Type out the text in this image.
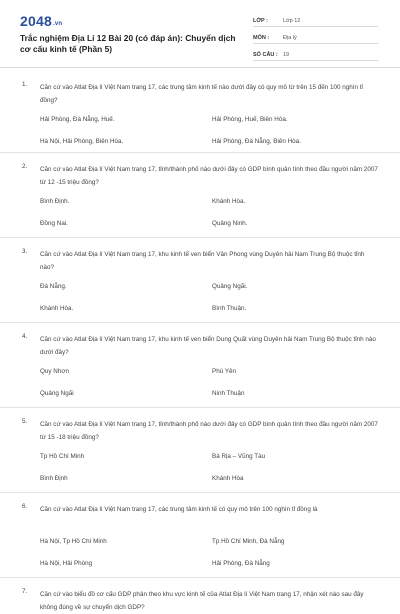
2048.vn
Trắc nghiệm Địa Lí 12 Bài 20 (có đáp án): Chuyển dịch cơ cấu kinh tế (Phần 5)
LỚP :	Lớp 12
MÔN :	Địa lý
SỐ CÂU : 19
1. Căn cứ vào Atlat Địa lí Việt Nam trang 17, các trung tâm kinh tế nào dưới đây có quy mô từ trên 15 đến 100 nghìn tỉ đồng?
Hải Phòng, Đà Nẵng, Huế.	Hải Phòng, Huế, Biên Hòa.
Hà Nội, Hải Phòng, Biên Hòa.	Hải Phòng, Đà Nẵng, Biên Hòa.
2. Căn cứ vào Atlat Địa lí Việt Nam trang 17, tỉnh/thành phố nào dưới đây có GDP bình quân tính theo đầu người năm 2007 từ 12 -15 triệu đồng?
Bình Định.	Khánh Hòa.
Đồng Nai.	Quảng Ninh.
3. Căn cứ vào Atlat Địa lí Việt Nam trang 17, khu kinh tế ven biển Vân Phong vùng Duyên hải Nam Trung Bộ thuộc tỉnh nào?
Đà Nẵng.	Quảng Ngãi.
Khánh Hòa.	Bình Thuận.
4. Căn cứ vào Atlat Địa lí Việt Nam trang 17, khu kinh tế ven biển Dung Quất vùng Duyên hải Nam Trung Bộ thuộc tỉnh nào dưới đây?
Quy Nhơn	Phú Yên
Quảng Ngãi	Ninh Thuận
5. Căn cứ vào Atlat Địa lí Việt Nam trang 17, tỉnh/thành phố nào dưới đây có GDP bình quân tính theo đầu người năm 2007 từ 15 -18 triệu đồng?
Tp Hồ Chí Minh	Bà Rịa – Vũng Tàu
Bình Định	Khánh Hòa
6. Căn cứ vào Atlat Địa lí Việt Nam trang 17, các trung tâm kinh tế có quy mô trên 100 nghìn tỉ đồng là
Hà Nội, Tp Hồ Chí Minh	Tp Hồ Chí Minh, Đà Nẵng
Hà Nội, Hải Phòng	Hải Phòng, Đà Nẵng
7. Căn cứ vào biểu đồ cơ cấu GDP phân theo khu vực kinh tế của Atlat Địa lí Việt Nam trang 17, nhận xét nào sau đây không đúng về sự chuyển dịch GDP?
